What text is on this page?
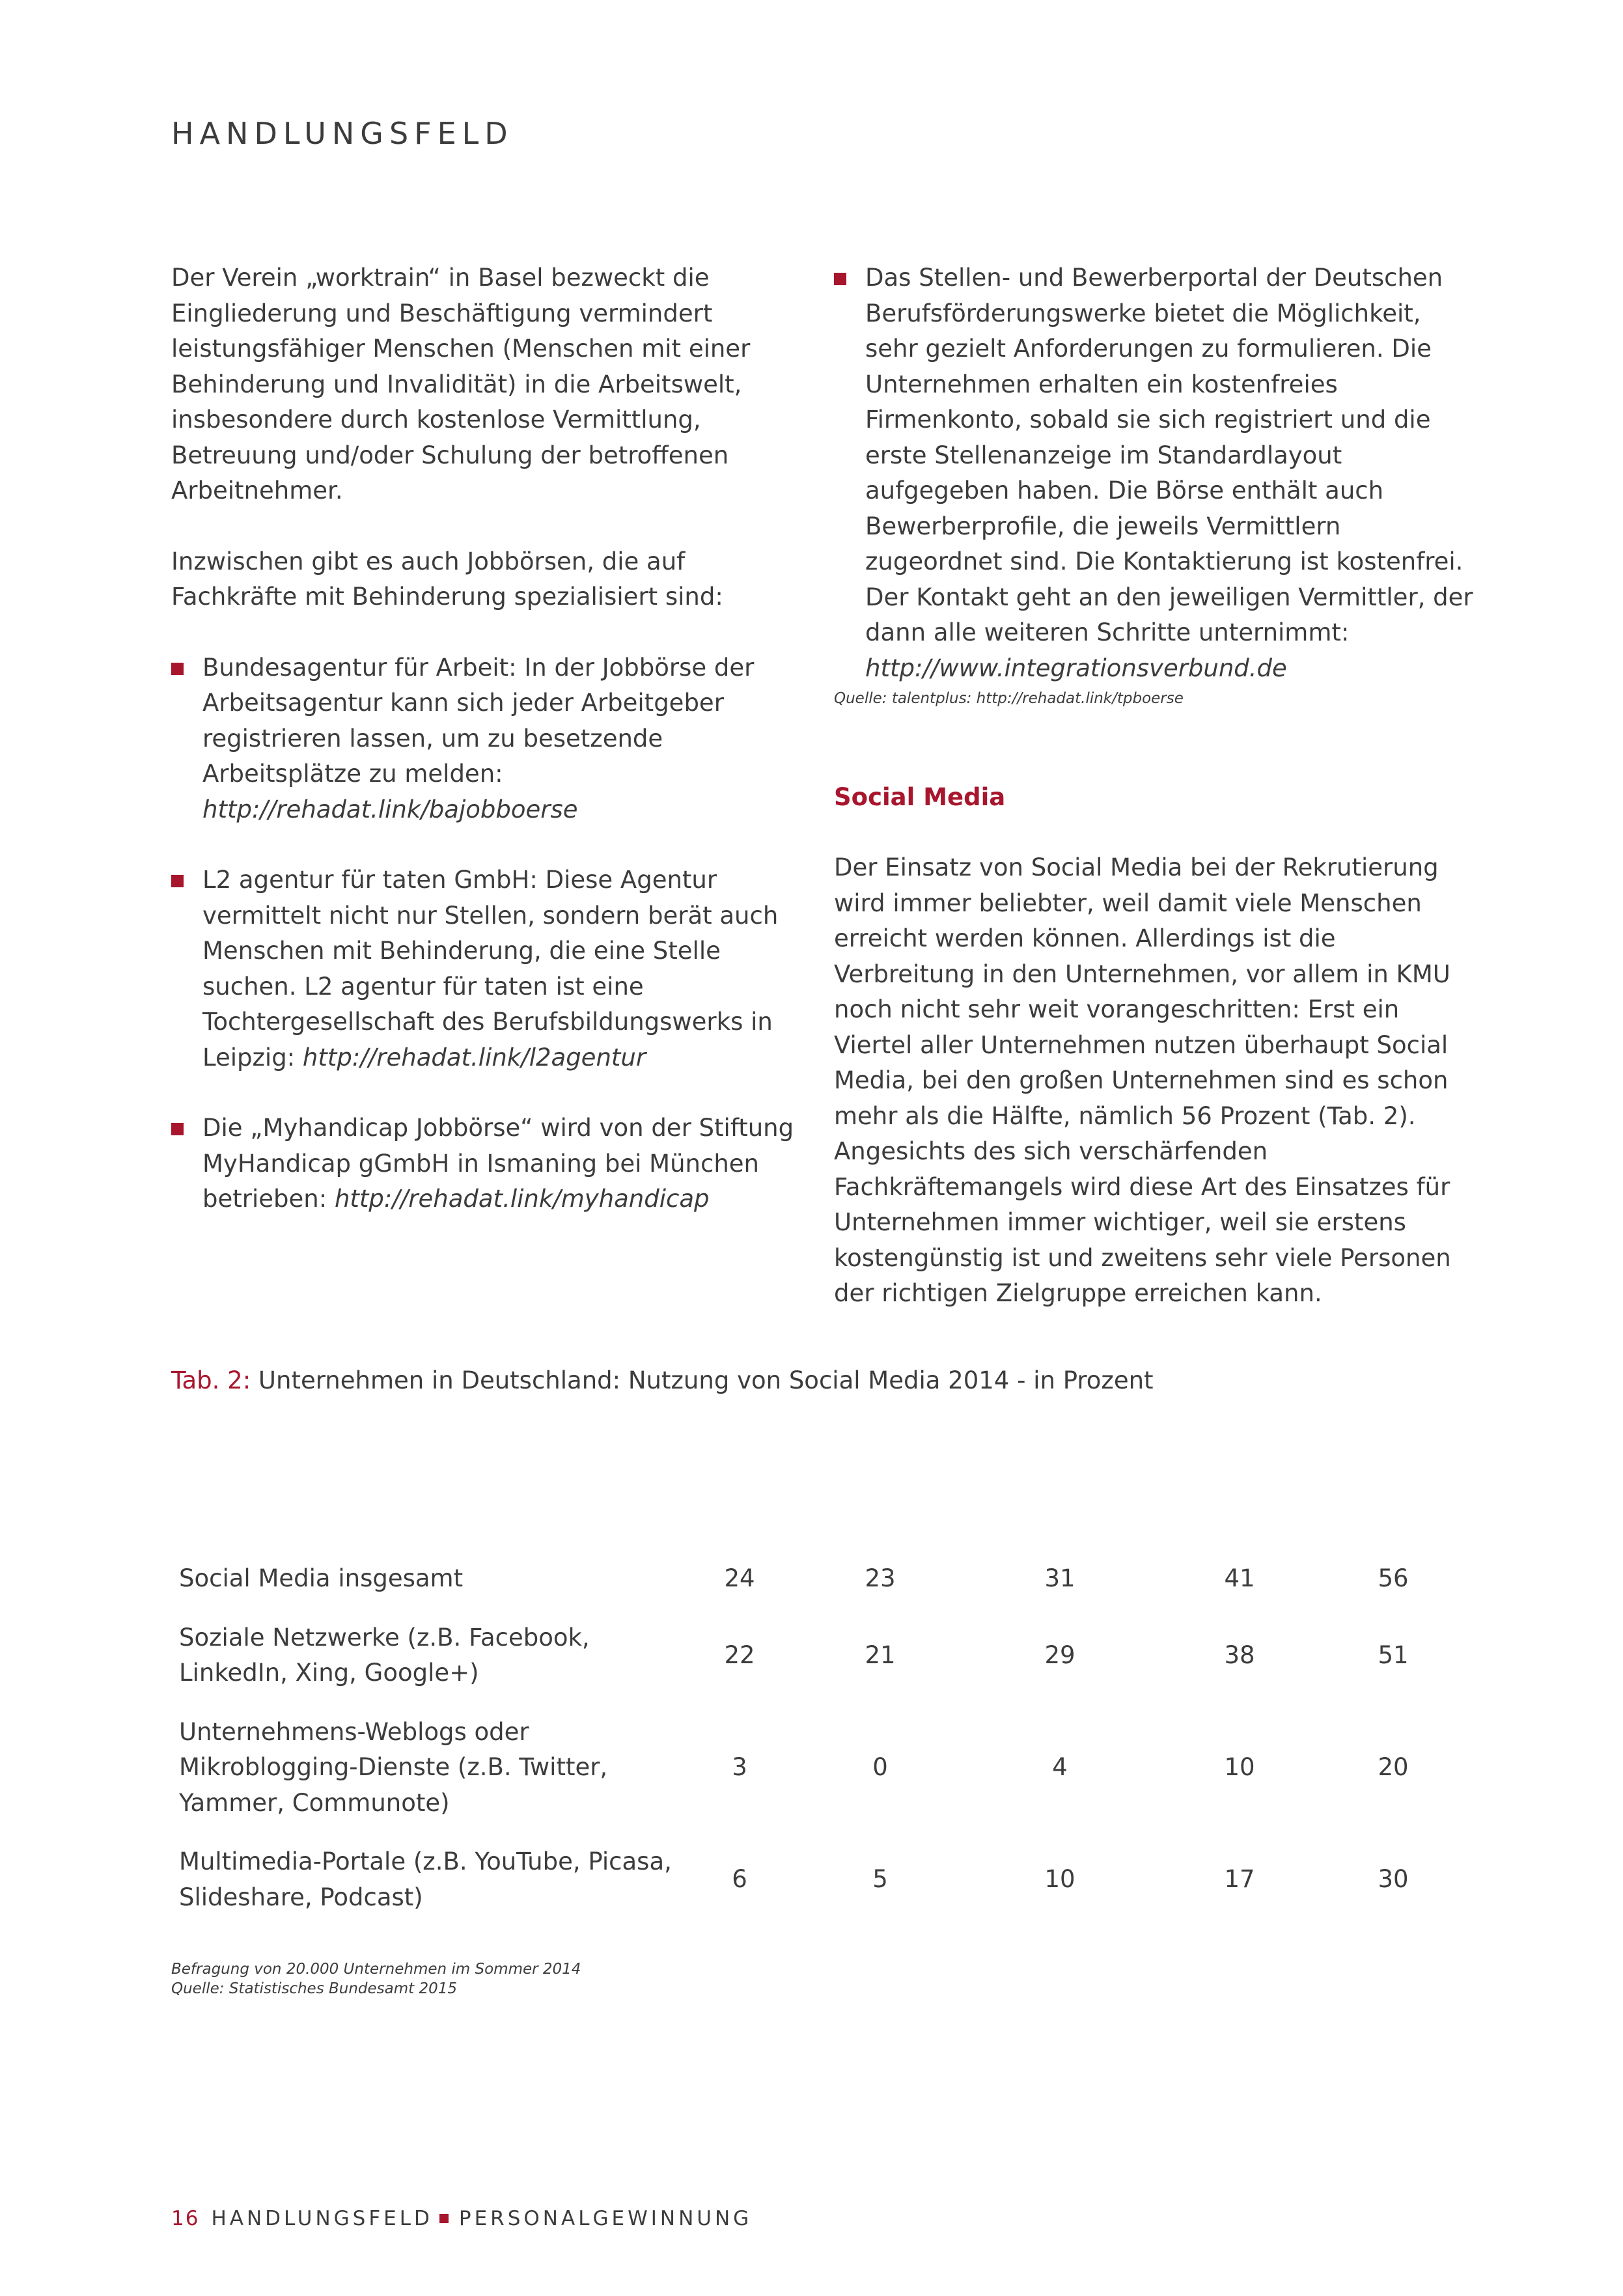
HANDLUNGSFELD

Der Verein „worktrain“ in Basel bezweckt die Eingliederung und Beschäftigung vermindert leistungsfähiger Menschen (Menschen mit einer Behinderung und Invalidität) in die Arbeitswelt, insbesondere durch kostenlose Vermittlung, Betreuung und/oder Schulung der betroffenen Arbeitnehmer.

Inzwischen gibt es auch Jobbörsen, die auf Fachkräfte mit Behinderung spezialisiert sind:

Bundesagentur für Arbeit: In der Jobbörse der Arbeitsagentur kann sich jeder Arbeitgeber registrieren lassen, um zu besetzende Arbeitsplätze zu melden: http://rehadat.link/bajobboerse
L2 agentur für taten GmbH: Diese Agentur vermittelt nicht nur Stellen, sondern berät auch Menschen mit Behinderung, die eine Stelle suchen. L2 agentur für taten ist eine Tochtergesellschaft des Berufsbildungswerks in Leipzig: http://rehadat.link/l2agentur
Die „Myhandicap Jobbörse“ wird von der Stiftung MyHandicap gGmbH in Ismaning bei München betrieben: http://rehadat.link/myhandicap
Das Stellen- und Bewerberportal der Deutschen Berufsförderungswerke bietet die Möglichkeit, sehr gezielt Anforderungen zu formulieren. Die Unternehmen erhalten ein kostenfreies Firmenkonto, sobald sie sich registriert und die erste Stellenanzeige im Standardlayout aufgegeben haben. Die Börse enthält auch Bewerberprofile, die jeweils Vermittlern zugeordnet sind. Die Kontaktierung ist kostenfrei.
Der Kontakt geht an den jeweiligen Vermittler, der dann alle weiteren Schritte unternimmt:
http://www.integrationsverbund.de

Quelle: talentplus: http://rehadat.link/tpboerse

Social Media

Der Einsatz von Social Media bei der Rekrutierung wird immer beliebter, weil damit viele Menschen erreicht werden können. Allerdings ist die Verbreitung in den Unternehmen, vor allem in KMU noch nicht sehr weit vorangeschritten: Erst ein Viertel aller Unternehmen nutzen überhaupt Social Media, bei den großen Unternehmen sind es schon mehr als die Hälfte, nämlich 56 Prozent (Tab. 2). Angesichts des sich verschärfenden Fachkräftemangels wird diese Art des Einsatzes für Unternehmen immer wichtiger, weil sie erstens kostengünstig ist und zweitens sehr viele Personen der richtigen Zielgruppe erreichen kann.

Tab. 2: Unternehmen in Deutschland: Nutzung von Social Media 2014 - in Prozent
Social Media insgesamt	24	23	31	41	56
Soziale Netzwerke (z.B. Facebook, LinkedIn, Xing, Google+)	22	21	29	38	51
Unternehmens-Weblogs oder Mikroblogging-Dienste (z.B. Twitter, Yammer, Communote)	3	0	4	10	20
Multimedia-Portale (z.B. YouTube, Picasa, Slideshare, Podcast)	6	5	10	17	30
Befragung von 20.000 Unternehmen im Sommer 2014
Quelle: Statistisches Bundesamt 2015
16 HANDLUNGSFELD PERSONALGEWINNUNG
